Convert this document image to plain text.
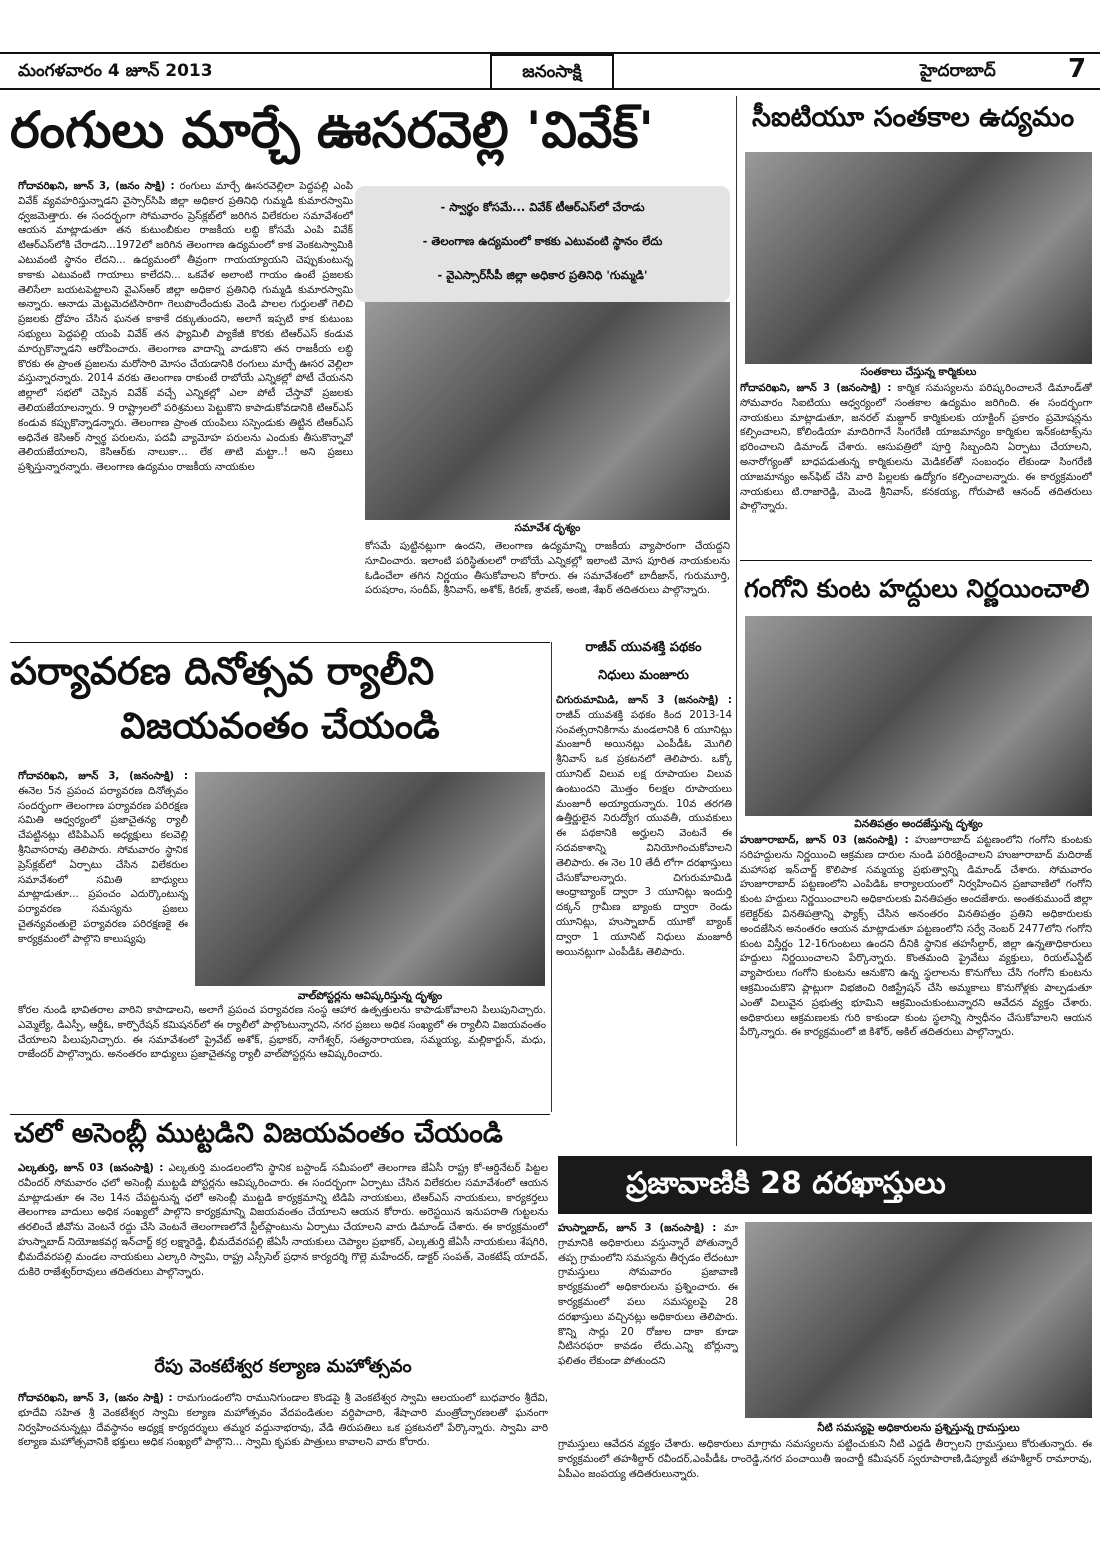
మంగళవారం 4 జూన్ 2013	జనంసాక్షి	హైదరాబాద్	7
రంగులు మార్చే ఊసరవెల్లి 'వివేక్'
గోదావరిఖని, జూన్ 3, (జనం సాక్షి) : రంగులు మార్చే ఊసరవెల్లిలా పెద్దపల్లి ఎంపి వివేక్ వ్యవహరిస్తున్నాడని వైస్సార్‌సిపి జిల్లా అధికార ప్రతినిధి గుమ్మడి కుమారస్వామి ధ్వజమెత్తారు. ఈ సందర్భంగా సోమవారం ప్రెస్‌క్లబ్‌లో జరిగిన విలేకరుల సమావేశంలో ఆయన మాట్లాడుతూ తన కుటుంబీకుల రాజకీయ లబ్ధి కోసమే ఎంపి వివేక్ టిఆర్ఎస్‌లోకి చేరాడని...1972లో జరిగిన తెలంగాణ ఉద్యమంలో కాక వెంకటస్వామికి ఎటువంటి స్థానం లేదని... ఉద్యమంలో తీవ్రంగా గాయయ్యాయని చెప్పుకుంటున్న కాకాకు ఎటువంటి గాయాలు కాలేదని... ఒకవేళ అలాంటి గాయం ఉంటే ప్రజలకు తెలిసేలా బయటపెట్టాలని వైఎస్ఆర్ జిల్లా అధికార ప్రతినిధి గుమ్మడి కుమారస్వామి అన్నారు. ఆనాడు మెట్టమెదటిసారిగా గెలుపొందేందుకు వెండి పాలల గుర్తులతో గెలిచి ప్రజలకు ద్రోహం చేసిన ఘనత కాకాకే దక్కుతుందని, అలాగే ఇప్పటి కాక కుటుంబ సభ్యులు పెద్దపల్లి యంపి వివేక్ తన ఫ్యామిలీ ప్యాకేజీ కొరకు టిఆర్ఎస్ కండువ మార్చుకొన్నాడని ఆరోపించారు. తెలంగాణ వాదాన్ని వాడుకొని తన రాజకీయ లబ్ధి కొరకు ఈ ప్రాంత ప్రజలను మరోసారి మోసం చేయడానికి రంగులు మార్చే ఊసర వెల్లిలా వస్తున్నారన్నారు. 2014 వరకు తెలంగాణ రాకుంటే రాబోయే ఎన్నికల్లో పోటీ చేయనని జిల్లాలో సభలో చెప్పిన వివేక్ వచ్చే ఎన్నికల్లో ఎలా పోటీ చేస్తావో ప్రజలకు తెలియజేయాలన్నారు. 9 రాష్ట్రాలలో పరిశ్రమలు పెట్టుకొని కాపాడుకోవడానికి టిఆర్ఎస్ కండువ కప్పుకొన్నాడన్నారు. తెలంగాణ ప్రాంత యంపిలు సస్పెండుకు తిట్టిన టిఆర్ఎస్ అధినేత కెసిఆర్ స్వార్థ పరులను, పదవీ వ్యామోహ పరులను ఎందుకు తీసుకొన్నావో తెలియజేయాలని, కెసిఆర్‌కు నాలుకా... లేక తాటి మట్టా..! అని ప్రజలు ప్రశ్నిస్తున్నారన్నారు. తెలంగాణ ఉద్యమం రాజకీయ నాయకుల

- స్వార్థం కోసమే... వివేక్ టీఆర్ఎస్‌లో చేరాడు

- తెలంగాణ ఉద్యమంలో కాకకు ఎటువంటి స్థానం లేదు

- వైఎస్సార్‌సీపీ జిల్లా అధికార ప్రతినిధి 'గుమ్మడి'

సమావేశ దృశ్యం
కోసమే పుట్టినట్లుగా ఉందని, తెలంగాణ ఉద్యమాన్ని రాజకీయ వ్యాపారంగా చేయద్దని సూచించారు. ఇలాంటి పరిస్థితులలో రాబోయే ఎన్నికల్లో ఇలాంటి మోస పూరిత నాయకులను ఓడించేలా తగిన నిర్ణయం తీసుకోవాలని కోరారు. ఈ సమావేశంలో బాదీజాన్, గురుమూర్తి, పరుషరాం, సందీప్, శ్రీనివాస్, అశోక్, కిరణ్, శ్రావణ్, అంజి, శేఖర్ తదితరులు పాల్గొన్నారు.
సీఐటియూ సంతకాల ఉద్యమం
సంతకాలు చేస్తున్న కార్మికులు
గోదావరిఖని, జూన్ 3 (జనంసాక్షి) : కార్మిక సమస్యలను పరిష్కరించాలనే డిమాండ్‌తో సోమవారం సిఐటియు ఆధ్వర్యంలో సంతకాల ఉద్యమం జరిగింది. ఈ సందర్భంగా నాయకులు మాట్లాడుతూ, జనరల్ మజ్దూర్ కార్మికులకు యాక్టింగ్ ప్రకారం ప్రమోషన్లను కల్పించాలని, కోలిండియా మాదిరిగానే సింగరేణి యాజమాన్యం కార్మికుల ఇన్‌కంటాక్స్‌ను భరించాలని డిమాండ్ చేశారు. ఆసుపత్రిలో పూర్తి సిబ్బందిని ఏర్పాటు చేయాలని, అనారోగ్యంతో బాధపడుతున్న కార్మికులను మెడికల్‌తో సంబంధం లేకుండా సింగరేణి యాజమాన్యం అన్‌ఫిట్ చేసి వారి పిల్లలకు ఉద్యోగం కల్పించాలన్నారు. ఈ కార్యక్రమంలో నాయకులు టి.రాజారెడ్డి, మెండె శ్రీనివాస్, కనకయ్య, గోరుపాటి ఆనంద్ తదితరులు పాల్గొన్నారు.
గంగోని కుంట హద్దులు నిర్ణయించాలి
వినతిపత్రం అందజేస్తున్న దృశ్యం
హుజూరాబాద్, జూన్ 03 (జనంసాక్షి) : హుజూరాబాద్ పట్టణంలోని గంగోని కుంటకు సరిహద్దులను నిర్ణయించి ఆక్రమణ దారుల నుండి పరిరక్షించాలని హుజూరాబాద్ మదిరాజ్ మహాసభ ఇన్‌చార్జ్ కొలిపాక సమ్మయ్య ప్రభుత్వాన్ని డిమాండ్ చేశారు. సోమవారం హుజూరాబాద్ పట్టణంలోని ఎంపిడిఓ కార్యాలయంలో నిర్వహించిన ప్రజావాణిలో గంగోని కుంట హద్దులు నిర్ణయించాలని అధికారులకు వినతిపత్రం అందజేశారు. అంతకుముందే జిల్లా కలెక్టర్‌కు వినతిపత్రాన్ని ఫ్యాక్స్ చేసిన అనంతరం వినతిపత్రం ప్రతిని అధికారులకు అందజేసిన అనంతరం ఆయన మాట్లాడుతూ పట్టణంలోని సర్వే నెంబర్ 2477లోని గంగోని కుంట విస్తీర్ణం 12-16గుంటలు ఉందని దీనికి స్థానిక తహసీల్దార్, జిల్లా ఉన్నతాధికారులు హద్దులు నిర్ణయించాలని పేర్కొన్నారు. కొంతమంది ప్రైవేటు వ్యక్తులు, రియల్‌ఎస్టేట్ వ్యాపారులు గంగోని కుంటను ఆనుకొని ఉన్న స్థలాలను కొనుగోలు చేసి గంగోని కుంటను ఆక్రమించుకొని ప్లాట్లుగా విభజించి రిజిస్ట్రేషన్ చేసి అమ్మకాలు కొనుగోళ్లకు పాల్పడుతూ ఎంతో విలువైన ప్రభుత్వ భూమిని ఆక్రమించుకుంటున్నారని ఆవేదన వ్యక్తం చేశారు. అధికారులు ఆక్రమణలకు గురి కాకుండా కుంట స్థలాన్ని స్వాధీనం చేసుకోవాలని ఆయన పేర్కొన్నారు. ఈ కార్యక్రమంలో జి కిశోర్, అకిల్ తదితరులు పాల్గొన్నారు.
పర్యావరణ దినోత్సవ ర్యాలీని
విజయవంతం చేయండి
గోదావరిఖని, జూన్ 3, (జనంసాక్షి) : ఈనెల 5న ప్రపంచ పర్యావరణ దినోత్సవం సందర్భంగా తెలంగాణ పర్యావరణ పరిరక్షణ సమితి ఆధ్వర్యంలో ప్రజాచైతన్య ర్యాలీ చేపట్టినట్లు టిపిపిఎస్ అధ్యక్షులు కలవెల్లి శ్రీనివాసరావు తెలిపారు. సోమవారం స్థానిక ప్రెస్‌క్లబ్‌లో ఏర్పాటు చేసిన విలేకరుల సమావేశంలో సమితి బాధ్యులు మాట్లాడుతూ... ప్రపంచం ఎదుర్కొంటున్న పర్యావరణ సమస్యను ప్రజలు చైతన్యవంతులై పర్యావరణ పరిరక్షణకై ఈ కార్యక్రమంలో పాల్గొని కాలుష్యపు
వాల్‌పోస్టర్లను ఆవిష్కరిస్తున్న దృశ్యం
కోరల నుండి భావితరాల వారిని కాపాడాలని, అలాగే ప్రపంచ పర్యావరణ సంస్థ ఆహార ఉత్పత్తులను కాపాడుకోవాలని పిలుపునిచ్చారు. ఎమ్మెల్యే, డిఎస్పీ, ఆర్డీఓ, కార్పొరేషన్ కమిషనర్‌లో ఈ ర్యాలీలో పాల్గొంటున్నారని, నగర ప్రజలు అధిక సంఖ్యలో ఈ ర్యాలీని విజయవంతం చేయాలని పిలుపునిచ్చారు. ఈ సమావేశంలో ప్రైవేట్ అశోక్, ప్రభాకర్, నాగేశ్వర్, సత్యనారాయణ, సమ్మయ్య, మల్లికార్జున్, మధు, రాజేందర్ పాల్గొన్నారు. అనంతరం బాధ్యులు ప్రజాచైతన్య ర్యాలీ వాల్‌పోస్టర్లను ఆవిష్కరించారు.
రాజీవ్ యువశక్తి పథకం
నిధులు మంజూరు
చిగురుమామిడి, జూన్ 3 (జనంసాక్షి) : రాజీవ్ యువశక్తి పథకం కింద 2013-14 సంవత్సరానికిగాను మండలానికి 6 యూనిట్లు మంజూరీ అయినట్లు ఎంపీడీఓ మొగిలి శ్రీనివాస్ ఒక ప్రకటనలో తెలిపారు. ఒక్కో యూనిట్ విలువ లక్ష రూపాయల విలువ ఉంటుందని మొత్తం 6లక్షల రూపాయలు మంజూరీ అయ్యాయన్నారు. 10వ తరగతి ఉత్తీర్ణులైన నిరుద్యోగ యువతీ, యువకులు ఈ పథకానికి అర్హులని వెంటనే ఈ సదవకాశాన్ని వినియోగించుకోవాలని తెలిపారు. ఈ నెల 10 తేదీ లోగా దరఖాస్తులు చేసుకోవాలన్నారు. చిగురుమామిడి ఆంధ్రాబ్యాంక్ ద్వారా 3 యూనిట్లు ఇందుర్తి దక్కన్ గ్రామీణ బ్యాంకు ద్వారా రెండు యూనిట్లు, హుస్నాబాద్ యూకో బ్యాంక్ ద్వారా 1 యూనిట్ నిధులు మంజూరీ అయినట్లుగా ఎంపీడీఓ తెలిపారు.
చలో అసెంబ్లీ ముట్టడిని విజయవంతం చేయండి
ఎల్కతుర్తి, జూన్ 03 (జనంసాక్షి) : ఎల్కతుర్తి మండలంలోని స్థానిక బస్టాండ్ సమీపంలో తెలంగాణ జేఏసీ రాష్ట్ర కో-ఆర్డినేటర్ పిట్టల రవీందర్ సోమవారం ఛలో అసెంబ్లీ ముట్టడి పోస్టర్లను ఆవిష్కరించారు. ఈ సందర్భంగా ఏర్పాటు చేసిన విలేకరుల సమావేశంలో ఆయన మాట్లాడుతూ ఈ నెల 14న చేపట్టనున్న ఛలో అసెంబ్లీ ముట్టడి కార్యక్రమాన్ని టిడిపి నాయకులు, టిఆర్ఎస్ నాయకులు, కార్యకర్తలు తెలంగాణ వాదులు అధిక సంఖ్యలో పాల్గొని కార్యక్రమాన్ని విజయవంతం చేయాలని ఆయన కోరారు. అరెస్టయిన ఇనుపరాతి గుట్టలను తరలించే జీవోను వెంటనే రద్దు చేసి వెంటనే తెలంగాణలోనే స్టీల్‌ప్లాంటును ఏర్పాటు చేయాలని వారు డిమాండ్ చేశారు. ఈ కార్యక్రమంలో హుస్నాబాద్ నియోజకవర్గ ఇన్‌చార్జ్ కర్ర లక్ష్మారెడ్డి, భీమదేవరపల్లి జేఏసీ నాయకులు చెప్యాల ప్రభాకర్, ఎల్కతుర్తి జేఏసీ నాయకులు శేషగిరి, భీమదేవరపల్లి మండల నాయకులు ఎల్కారి స్వామి, రాష్ట్ర ఎస్సీసెల్ ప్రధాన కార్యదర్శి గొల్లె మహేందర్, డాక్టర్ సంపత్, వెంకటేష్ యాదవ్, దుకిరె రాజేశ్వర్‌రావులు తదితరులు పాల్గొన్నారు.
రేపు వెంకటేశ్వర కల్యాణ మహోత్సవం
గోదావరిఖని, జూన్ 3, (జనం సాక్షి) : రామగుండంలోని రామునిగుండాల కొండపై శ్రీ వెంకటేశ్వర స్వామి ఆలయంలో బుధవారం శ్రీదేవి, భూదేవి సహిత శ్రీ వెంకటేశ్వర స్వామి కల్యాణ మహోత్సవం వేదపండితుల వర్ధిపాచారి, శేషాచారి మంత్రోచ్ఛారణలతో ఘనంగా నిర్వహించనున్నట్లు దేవస్థానం అధ్యక్ష కార్యదర్శులు తమ్మర వద్దునాభరావు, వేడి తిరుపతిలు ఒక ప్రకటనలో పేర్కొన్నారు. స్వామి వారి కల్యాణ మహోత్సవానికి భక్తులు అధిక సంఖ్యలో పాల్గొని... స్వామి కృపకు పాత్రులు కావాలని వారు కోరారు.
ప్రజావాణికి 28 దరఖాస్తులు
హుస్నాబాద్, జూన్ 3 (జనంసాక్షి) : మా గ్రామానికి అధికారులు వస్తున్నారే పోతున్నారే తప్ప గ్రామంలోని సమస్యను తీర్చడం లేదంటూ గ్రామస్తులు సోమవారం ప్రజావాణి కార్యక్రమంలో అధికారులను ప్రశ్నించారు. ఈ కార్యక్రమంలో పలు సమస్యలపై 28 దరఖాస్తులు వచ్చినట్లు అధికారులు తెలిపారు. కొన్ని సార్లు 20 రోజుల దాకా కూడా నీటిసరఫరా కావడం లేదు.ఎన్ని బోర్లున్నా ఫలితం లేకుండా పోతుందని
నీటి సమస్యపై అధికారులను ప్రశ్నిస్తున్న గ్రామస్తులు
గ్రామస్తులు ఆవేదన వ్యక్తం చేశారు. అధికారులు మాగ్రామ సమస్యలను పట్టించుకుని నీటి ఎద్దడి తీర్చాలని గ్రామస్తులు కోరుతున్నారు. ఈ కార్యక్రమంలో తహశీల్దార్ రవీందర్,ఎంపీడీఓ రాంరెడ్డి,నగర పంచాయితీ ఇంచార్జీ కమీషనర్ స్వరూపారాణి,డిప్యూటీ తహశీల్దార్ రామారావు, ఏపీఎం జంపయ్య తదితరులున్నారు.
